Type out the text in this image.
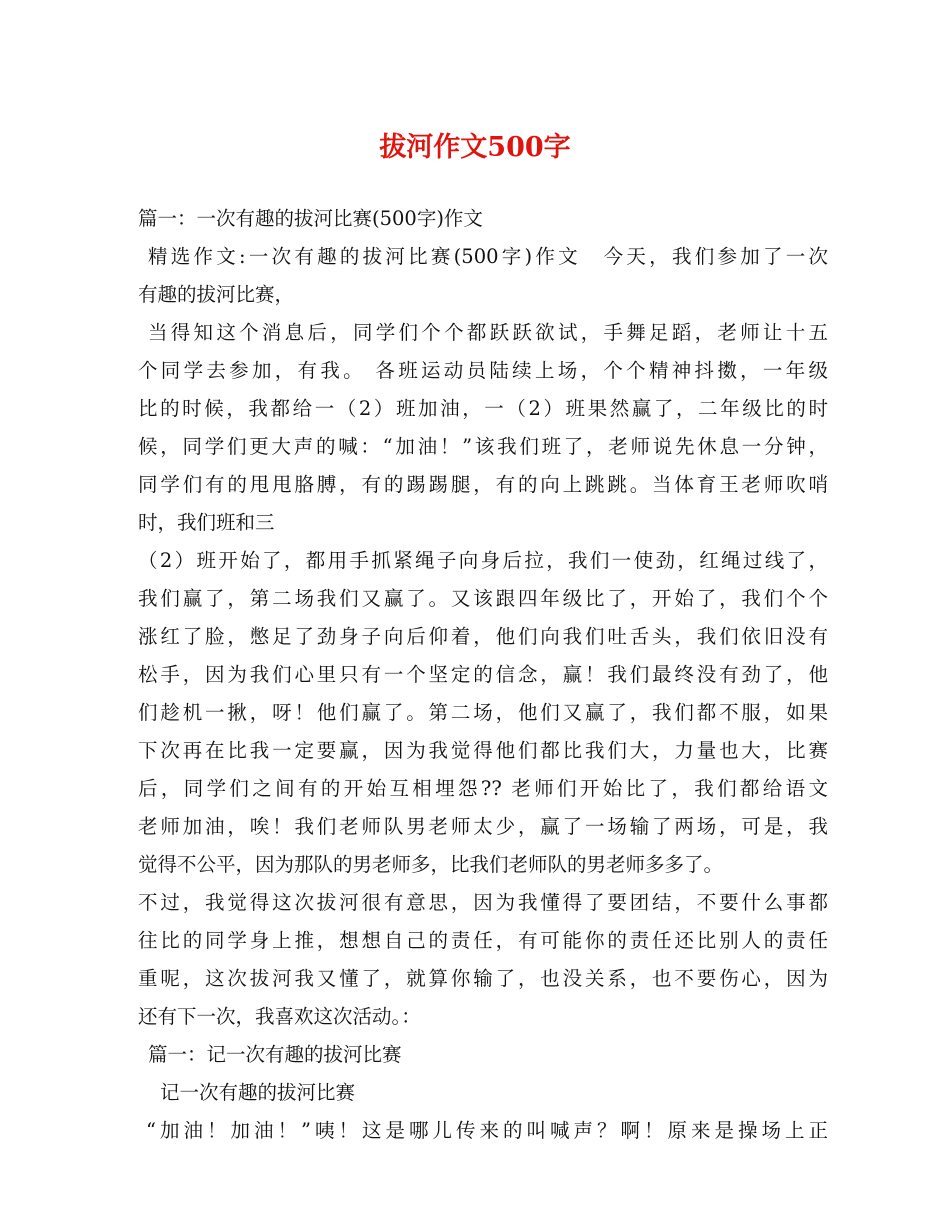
拔河作文500字

篇一：一次有趣的拔河比赛(500字)作文

精选作文:一次有趣的拔河比赛(500字)作文　今天，我们参加了一次

有趣的拔河比赛，

当得知这个消息后，同学们个个都跃跃欲试，手舞足蹈，老师让十五

个同学去参加，有我。 各班运动员陆续上场，个个精神抖擞，一年级

比的时候，我都给一（2）班加油，一（2）班果然赢了，二年级比的时

候，同学们更大声的喊：“加油！”该我们班了，老师说先休息一分钟，

同学们有的甩甩胳膊，有的踢踢腿，有的向上跳跳。当体育王老师吹哨

时，我们班和三

（2）班开始了，都用手抓紧绳子向身后拉，我们一使劲，红绳过线了，

我们赢了，第二场我们又赢了。又该跟四年级比了，开始了，我们个个

涨红了脸，憋足了劲身子向后仰着，他们向我们吐舌头，我们依旧没有

松手，因为我们心里只有一个坚定的信念，赢！我们最终没有劲了，他

们趁机一揪，呀！他们赢了。第二场，他们又赢了，我们都不服，如果

下次再在比我一定要赢，因为我觉得他们都比我们大，力量也大，比赛

后，同学们之间有的开始互相埋怨?? 老师们开始比了，我们都给语文

老师加油，唉！我们老师队男老师太少，赢了一场输了两场，可是，我

觉得不公平，因为那队的男老师多，比我们老师队的男老师多多了。

不过，我觉得这次拔河很有意思，因为我懂得了要团结，不要什么事都

往比的同学身上推，想想自己的责任，有可能你的责任还比别人的责任

重呢，这次拔河我又懂了，就算你输了，也没关系，也不要伤心，因为

还有下一次，我喜欢这次活动。：

篇一：记一次有趣的拔河比赛

记一次有趣的拔河比赛

“加油！加油！”咦！这是哪儿传来的叫喊声？啊！原来是操场上正
